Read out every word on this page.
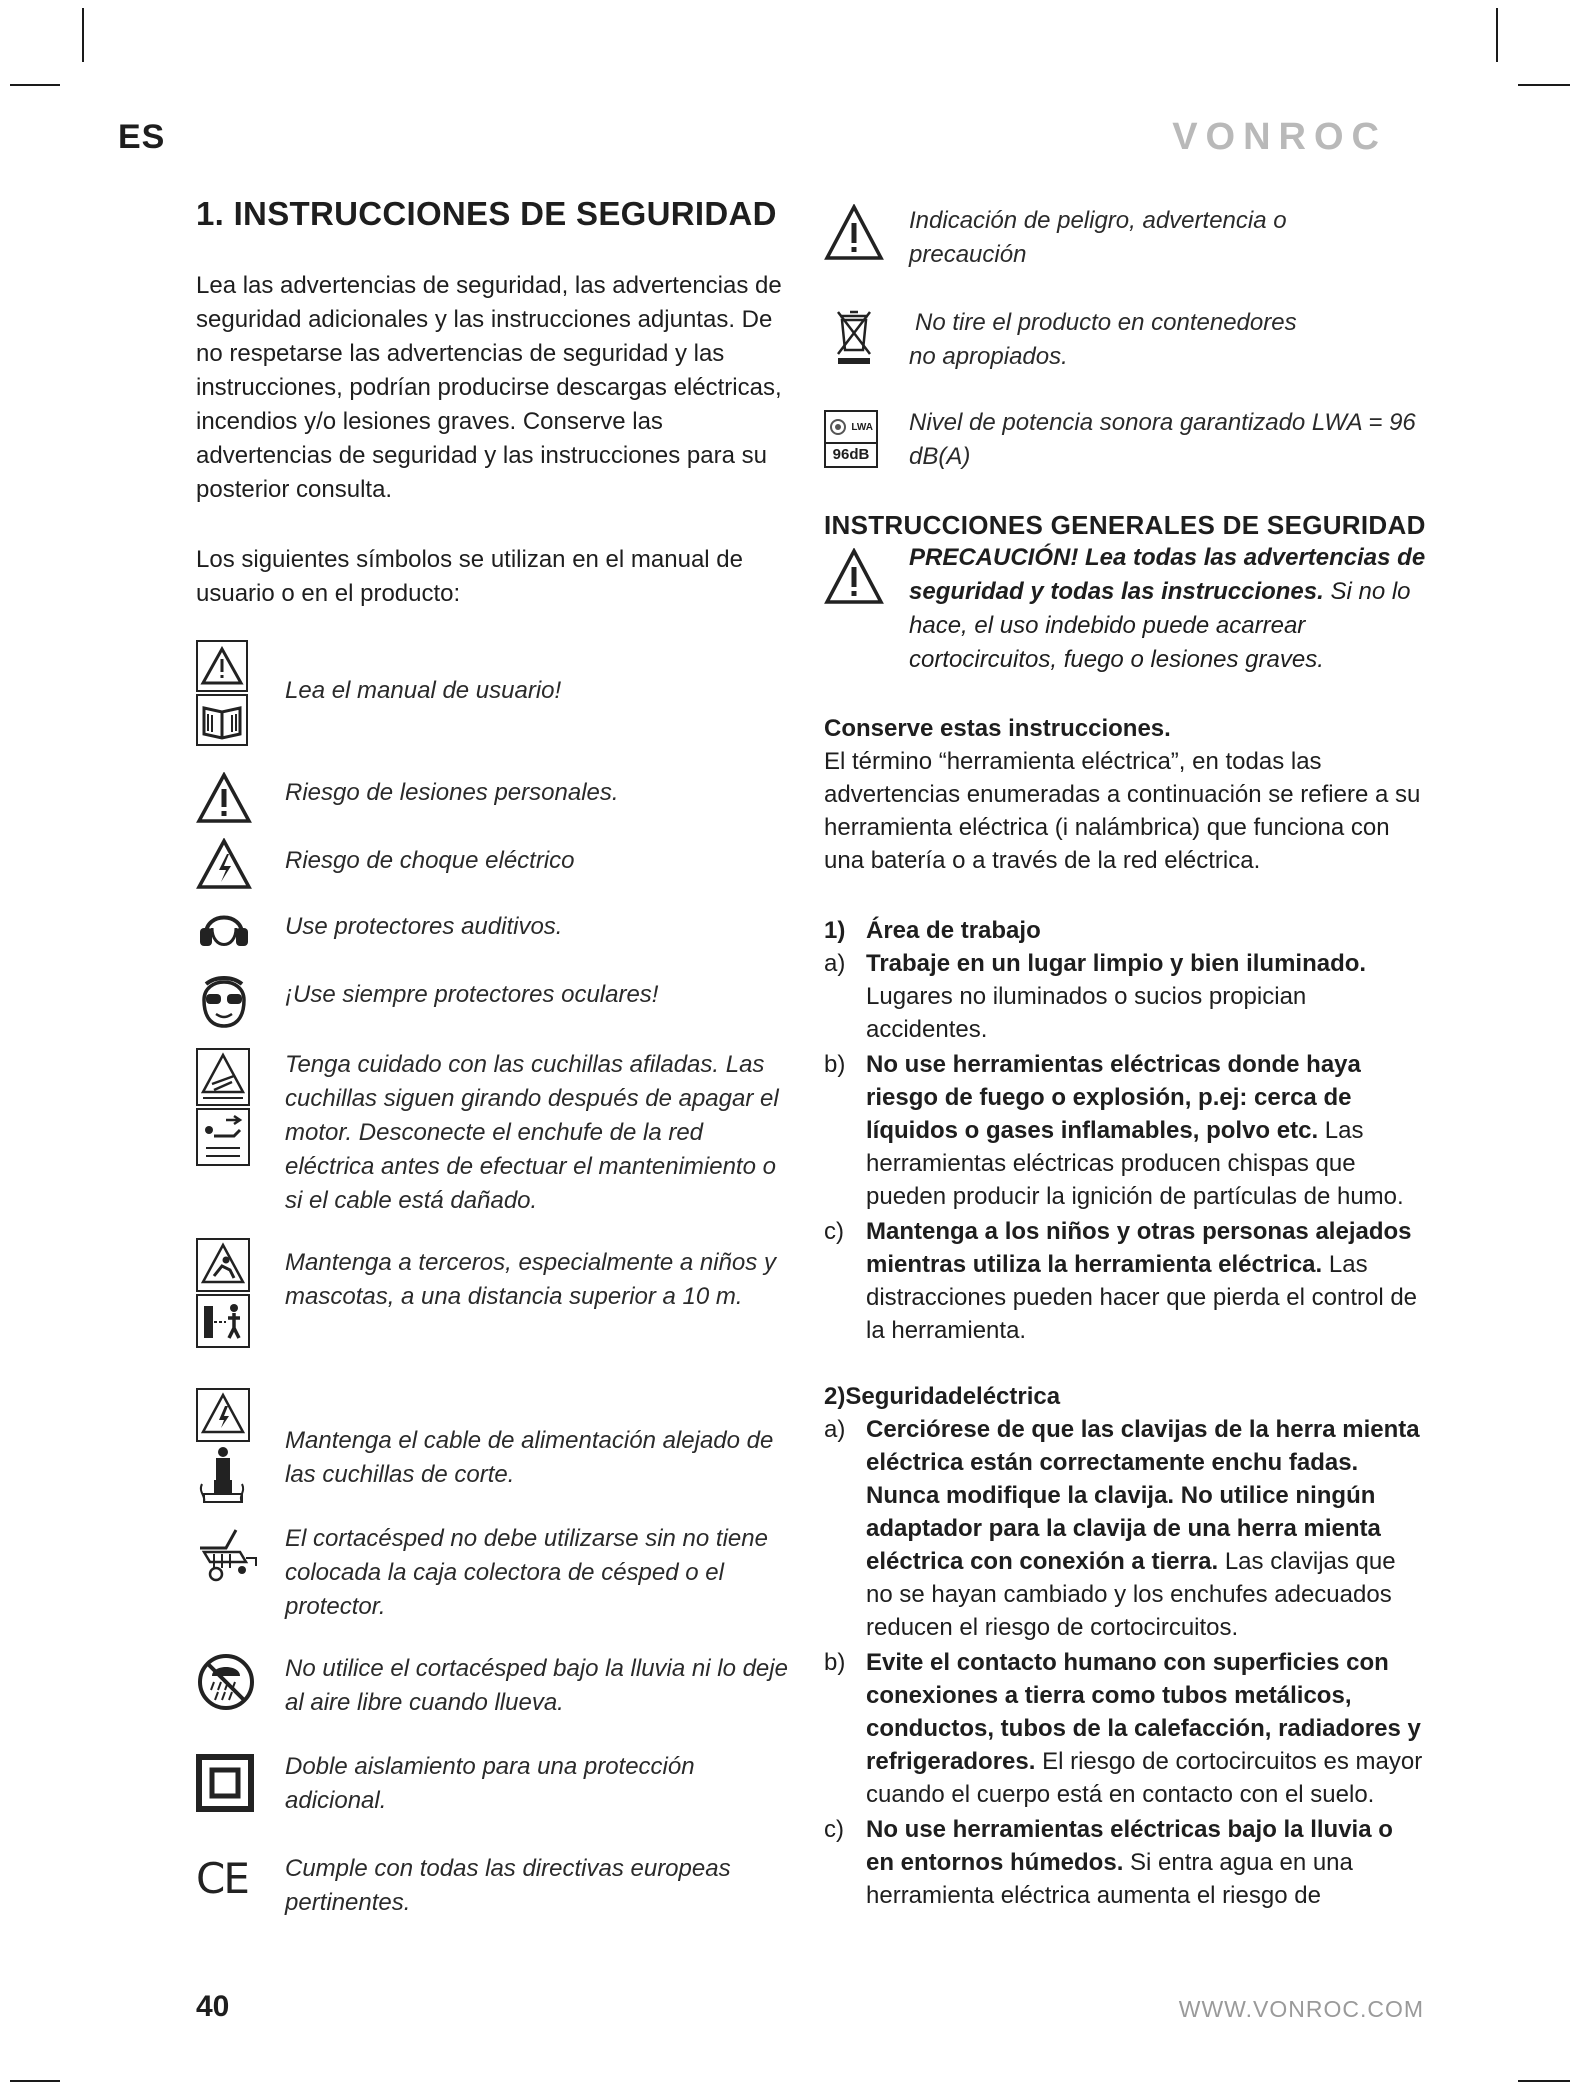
ES	VONROC
1. INSTRUCCIONES DE SEGURIDAD
Lea las advertencias de seguridad, las advertencias de seguridad adicionales y las instrucciones adjuntas. De no respetarse las advertencias de seguridad y las instrucciones, podrían producirse descargas eléctricas, incendios y/o lesiones graves. Conserve las advertencias de seguridad y las instrucciones para su posterior consulta.
Los siguientes símbolos se utilizan en el manual de usuario o en el producto:
Lea el manual de usuario!
Riesgo de lesiones personales.
Riesgo de choque eléctrico
Use protectores auditivos.
¡Use siempre protectores oculares!
Tenga cuidado con las cuchillas afiladas. Las cuchillas siguen girando después de apagar el motor. Desconecte el enchufe de la red eléctrica antes de efectuar el mantenimiento o si el cable está dañado.
Mantenga a terceros, especialmente a niños y mascotas, a una distancia superior a 10 m.
Mantenga el cable de alimentación alejado de las cuchillas de corte.
El cortacésped no debe utilizarse sin no tiene colocada la caja colectora de césped o el protector.
No utilice el cortacésped bajo la lluvia ni lo deje al aire libre cuando llueva.
Doble aislamiento para una protección adicional.
CE Cumple con todas las directivas europeas pertinentes.
Indicación de peligro, advertencia o precaución
No tire el producto en contenedores no apropiados.
LWA
96dB
Nivel de potencia sonora garantizado LWA = 96 dB(A)
INSTRUCCIONES GENERALES DE SEGURIDAD
PRECAUCIÓN! Lea todas las advertencias de seguridad y todas las instrucciones. Si no lo hace, el uso indebido puede acarrear cortocircuitos, fuego o lesiones graves.
Conserve estas instrucciones.
El término “herramienta eléctrica”, en todas las advertencias enumeradas a continuación se refiere a su herramienta eléctrica (i nalámbrica) que funciona con una batería o a través de la red eléctrica.
1) Área de trabajo
a) Trabaje en un lugar limpio y bien iluminado. Lugares no iluminados o sucios propician accidentes.
b) No use herramientas eléctricas donde haya riesgo de fuego o explosión, p.ej: cerca de líquidos o gases inflamables, polvo etc. Las herramientas eléctricas producen chispas que pueden producir la ignición de partículas de humo.
c) Mantenga a los niños y otras personas alejados mientras utiliza la herramienta eléctrica. Las distracciones pueden hacer que pierda el control de la herramienta.
2)Seguridadeléctrica
a) Cerciórese de que las clavijas de la herra mienta eléctrica están correctamente enchu fadas. Nunca modifique la clavija. No utilice ningún adaptador para la clavija de una herra mienta eléctrica con conexión a tierra. Las clavijas que no se hayan cambiado y los enchufes adecuados reducen el riesgo de cortocircuitos.
b) Evite el contacto humano con superficies con conexiones a tierra como tubos metálicos, conductos, tubos de la calefacción, radiadores y refrigeradores. El riesgo de cortocircuitos es mayor cuando el cuerpo está en contacto con el suelo.
c) No use herramientas eléctricas bajo la lluvia o en entornos húmedos. Si entra agua en una herramienta eléctrica aumenta el riesgo de
40	WWW.VONROC.COM
